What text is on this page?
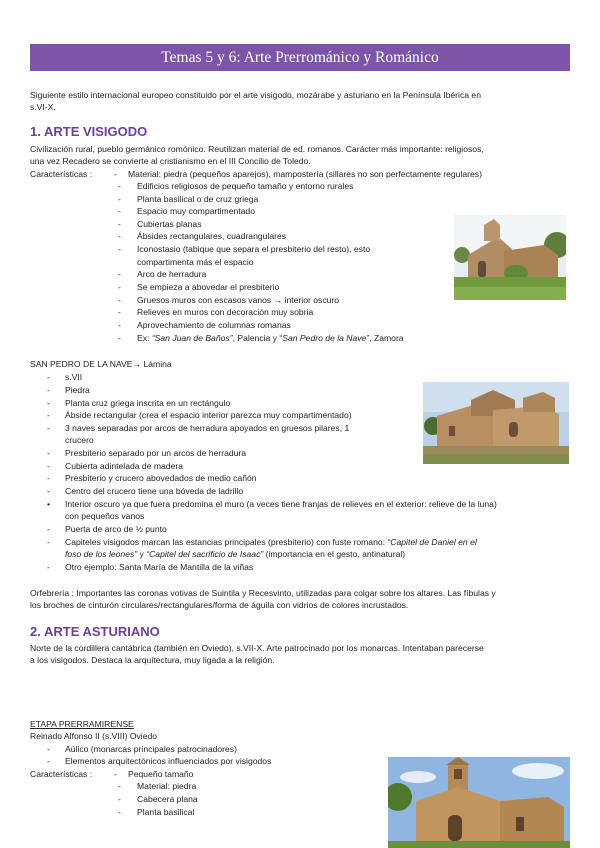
Temas 5 y 6: Arte Prerrománico y Románico
Siguiente estilo internacional europeo constituido por el arte visigodo, mozárabe y asturiano en la Península Ibérica en
s.VI-X.
1. ARTE VISIGODO
Civilización rural, pueblo germánico romónico. Reutilizan material de ed. romanos. Carácter más importante: religiosos,
una vez Recadero se convierte al cristianismo en el III Concilio de Toledo.
Características :	- Material: piedra (pequeños aparejos), mampostería (sillares no son perfectamente regulares)
- Edificios religiosos de pequeño tamaño y entorno rurales
- Planta basilical o de cruz griega
- Espacio muy compartimentado
- Cubiertas planas
- Ábsides rectangulares, cuadrangulares
- Iconostasio (tabique que separa el presbiterio del resto), esto
compartimenta más el espacio
- Arco de herradura
- Se empieza a abovedar el presbiterio
- Gruesos muros con escasos vanos → interior oscuro
- Relieves en muros con decoración muy sobria
- Aprovechamiento de columnas romanas
- Ex: “San Juan de Baños”, Palencia y “San Pedro de la Nave”, Zamora
SAN PEDRO DE LA NAVE→ Lámina
- s.VII
- Piedra
- Planta cruz griega inscrita en un rectángulo
- Ábside rectangular (crea el espacio interior parezca muy compartimentado)
- 3 naves separadas por arcos de herradura apoyados en gruesos pilares, 1
crucero
- Presbiterio separado por un arcos de herradura
- Cubierta adintelada de madera
- Presbiterio y crucero abovedados de medio cañón
- Centro del crucero tiene una bóveda de ladrillo
• Interior oscuro ya que fuera predomina el muro (a veces tiene franjas de relieves en el exterior: relieve de la luna)
con pequeños vanos
- Puerta de arco de ½ punto
- Capiteles visigodos marcan las estancias principales (presbiterio) con fuste romano: “Capitel de Daniel en el
foso de los leones” y “Capitel del sacrificio de Isaac” (importancia en el gesto, antinatural)
- Otro ejemplo: Santa María de Mantilla de la viñas
Orfebrería : Importantes las coronas votivas de Suintila y Recesvinto, utilizadas para colgar sobre los altares. Las fíbulas y
los broches de cinturón circulares/rectangulares/forma de águila con vidrios de colores incrustados.
2. ARTE ASTURIANO
Norte de la cordillera cantábrica (también en Oviedo), s.VII-X. Arte patrocinado por los monarcas. Intentaban parecerse
a los visigodos. Destaca la arquitectura, muy ligada a la religión.
ETAPA PRERRAMIRENSE
Reinado Alfonso II (s.VIII) Oviedo
- Aúlico (monarcas principales patrocinadores)
- Elementos arquitectónicos influenciados por visigodos
Características :	- Pequeño tamaño
- Material: piedra
- Cabecera plana
- Planta basilical
